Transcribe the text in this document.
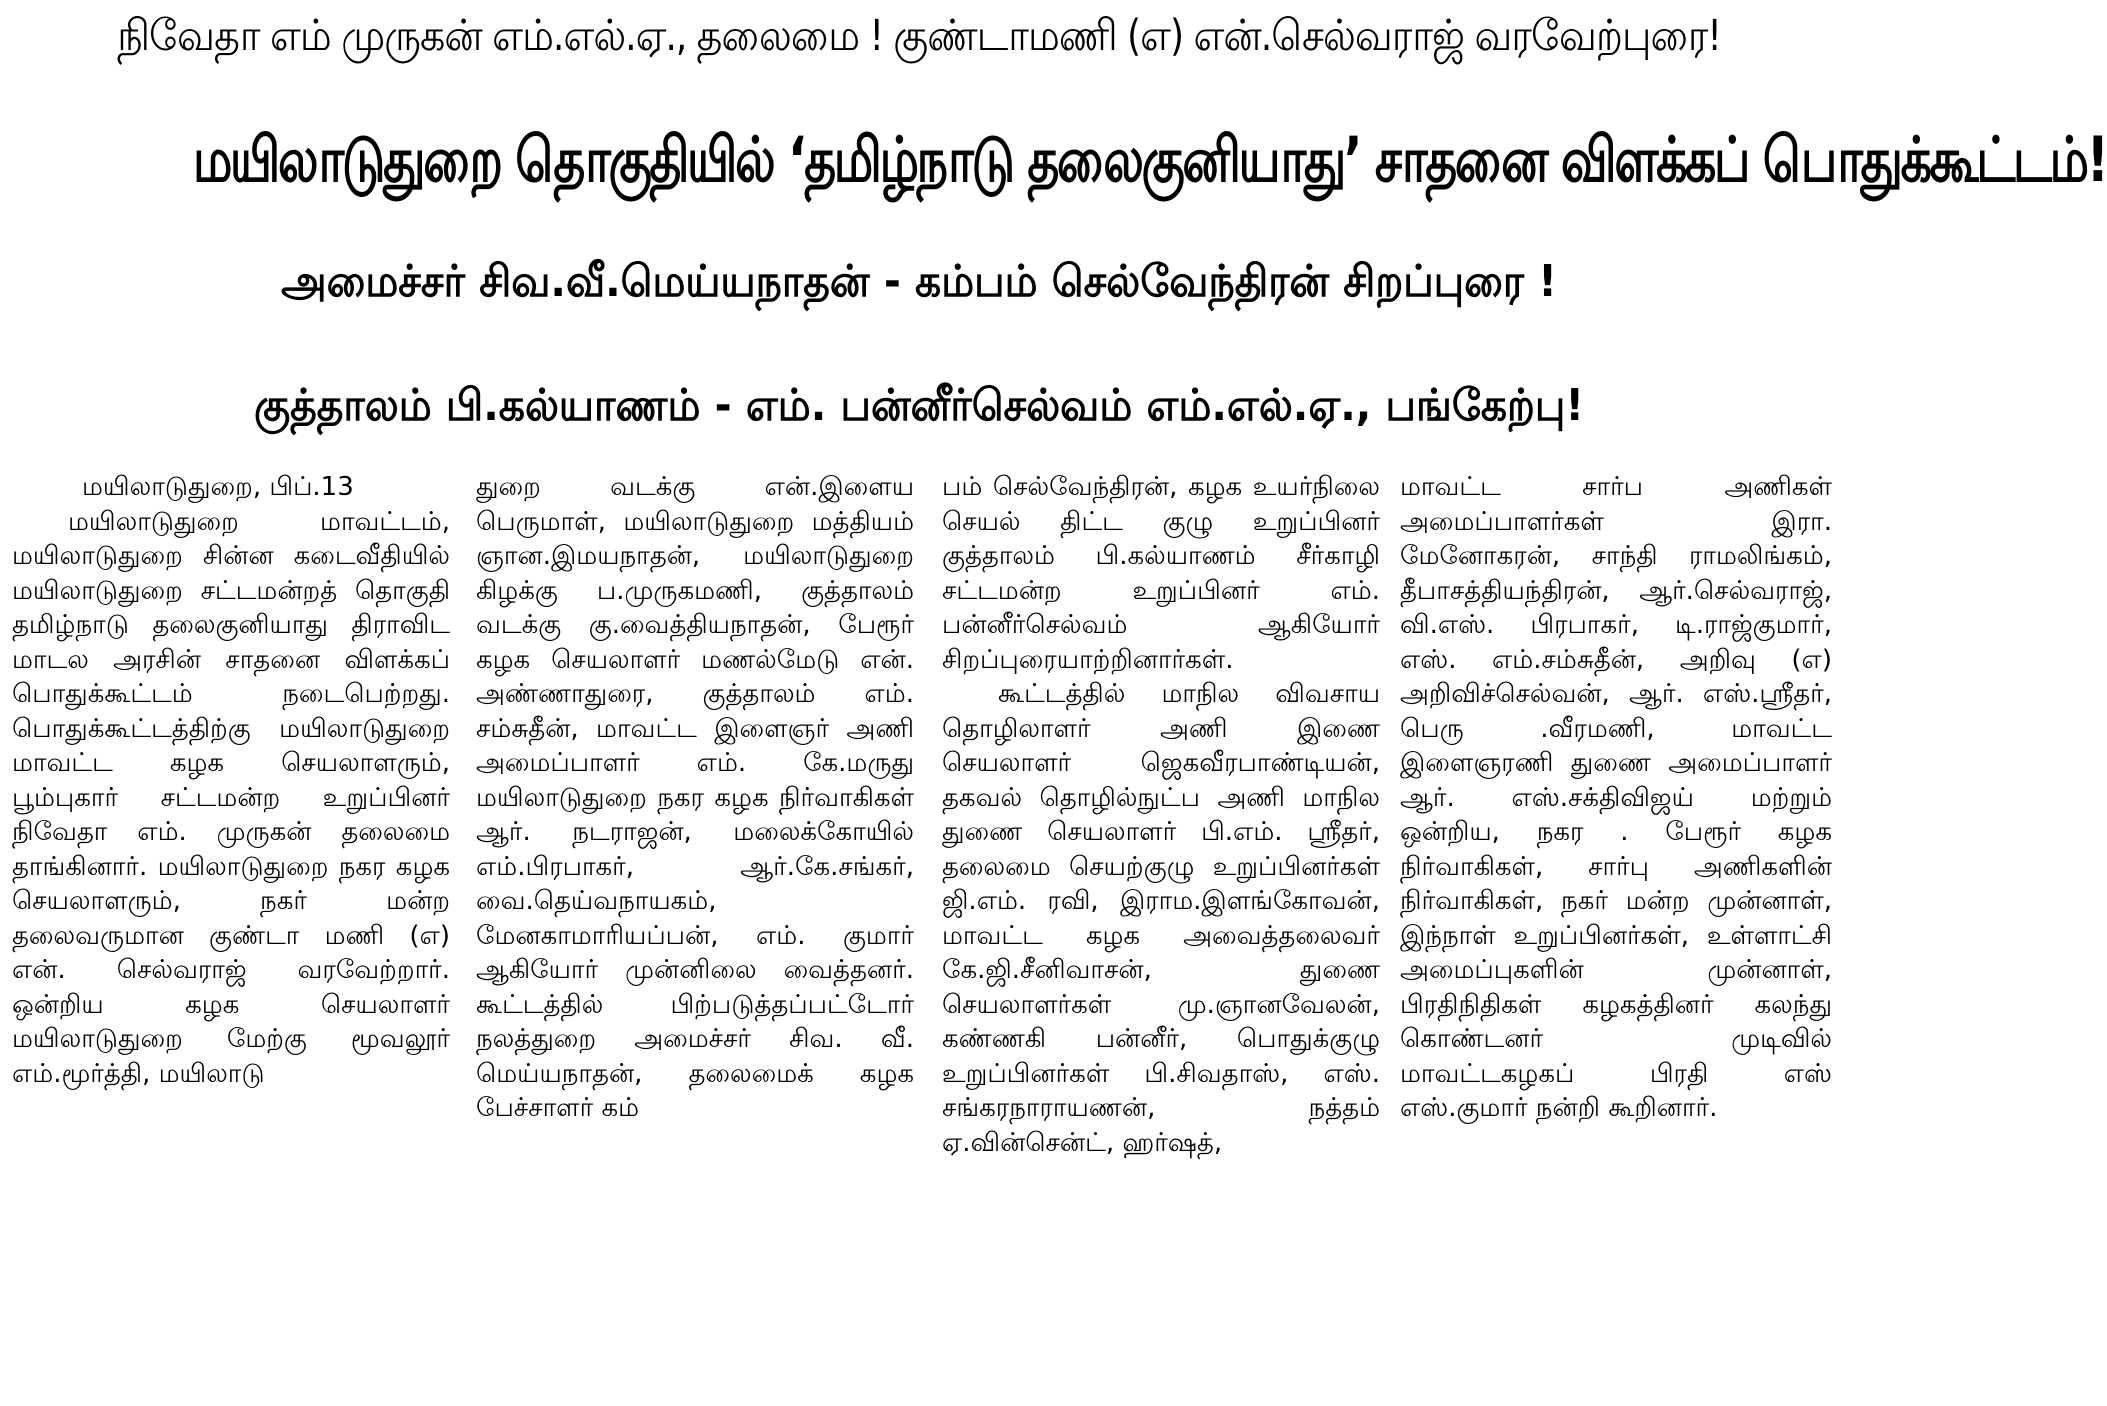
நிவேதா எம் முருகன் எம்.எல்.ஏ., தலைமை ! குண்டாமணி (எ) என்.செல்வராஜ் வரவேற்புரை!
மயிலாடுதுறை தொகுதியில் ‘தமிழ்நாடு தலைகுனியாது’ சாதனை விளக்கப் பொதுக்கூட்டம்!
அமைச்சர் சிவ.வீ.மெய்யநாதன் - கம்பம் செல்வேந்திரன் சிறப்புரை !
குத்தாலம் பி.கல்யாணம் - எம். பன்னீர்செல்வம் எம்.எல்.ஏ., பங்கேற்பு!

மயிலாடுதுறை, பிப்.13

மயிலாடுதுறை மாவட்டம், மயிலாடுதுறை சின்ன கடைவீதியில் மயிலாடுதுறை சட்டமன்றத் தொகுதி தமிழ்நாடு தலைகுனியாது திராவிட மாடல அரசின் சாதனை விளக்கப் பொதுக்கூட்டம் நடைபெற்றது. பொதுக்கூட்டத்திற்கு மயிலாடுதுறை மாவட்ட கழக செயலாளரும், பூம்புகார் சட்டமன்ற உறுப்பினர் நிவேதா எம். முருகன் தலைமை தாங்கினார். மயிலாடுதுறை நகர கழக செயலாளரும், நகர் மன்ற தலைவருமான குண்டா மணி (எ) என். செல்வராஜ் வரவேற்றார். ஒன்றிய கழக செயலாளர் மயிலாடுதுறை மேற்கு மூவலூர் எம்.மூர்த்தி, மயிலாடு

துறை வடக்கு என்.இளைய பெருமாள், மயிலாடுதுறை மத்தியம் ஞான.இமயநாதன், மயிலாடுதுறை கிழக்கு ப.முருகமணி, குத்தாலம் வடக்கு கு.வைத்தியநாதன், பேரூர் கழக செயலாளர் மணல்மேடு என். அண்ணாதுரை, குத்தாலம் எம். சம்சுதீன், மாவட்ட இளைஞர் அணி அமைப்பாளர் எம். கே.மருது மயிலாடுதுறை நகர கழக நிர்வாகிகள் ஆர். நடராஜன், மலைக்கோயில் எம்.பிரபாகர், ஆர்.கே.சங்கர், வை.தெய்வநாயகம், மேனகாமாரியப்பன், எம். குமார் ஆகியோர் முன்னிலை வைத்தனர். கூட்டத்தில் பிற்படுத்தப்பட்டோர் நலத்துறை அமைச்சர் சிவ. வீ. மெய்யநாதன், தலைமைக் கழக பேச்சாளர் கம்

பம் செல்வேந்திரன், கழக உயர்நிலை செயல் திட்ட குழு உறுப்பினர் குத்தாலம் பி.கல்யாணம் சீர்காழி சட்டமன்ற உறுப்பினர் எம். பன்னீர்செல்வம் ஆகியோர் சிறப்புரையாற்றினார்கள்.

கூட்டத்தில் மாநில விவசாய தொழிலாளர் அணி இணை செயலாளர் ஜெகவீரபாண்டியன், தகவல் தொழில்நுட்ப அணி மாநில துணை செயலாளர் பி.எம். ஸ்ரீதர், தலைமை செயற்குழு உறுப்பினர்கள் ஜி.எம். ரவி, இராம.இளங்கோவன், மாவட்ட கழக அவைத்தலைவர் கே.ஜி.சீனிவாசன், துணை செயலாளர்கள் மு.ஞானவேலன், கண்ணகி பன்னீர், பொதுக்குழு உறுப்பினர்கள் பி.சிவதாஸ், எஸ். சங்கரநாராயணன், நத்தம் ஏ.வின்சென்ட், ஹர்ஷத்,

மாவட்ட சார்ப அணிகள் அமைப்பாளர்கள் இரா. மேனோகரன், சாந்தி ராமலிங்கம், தீபாசத்தியந்திரன், ஆர்.செல்வராஜ், வி.எஸ். பிரபாகர், டி.ராஜ்குமார், எஸ். எம்.சம்சுதீன், அறிவு (எ) அறிவிச்செல்வன், ஆர். எஸ்.ஸ்ரீதர், பெரு .வீரமணி, மாவட்ட இளைஞரணி துணை அமைப்பாளர் ஆர். எஸ்.சக்திவிஜய் மற்றும் ஒன்றிய, நகர . பேரூர் கழக நிர்வாகிகள், சார்பு அணிகளின் நிர்வாகிகள், நகர் மன்ற முன்னாள், இந்நாள் உறுப்பினர்கள், உள்ளாட்சி அமைப்புகளின் முன்னாள், பிரதிநிதிகள் கழகத்தினர் கலந்து கொண்டனர் முடிவில் மாவட்டகழகப் பிரதி எஸ் எஸ்.குமார் நன்றி கூறினார்.
